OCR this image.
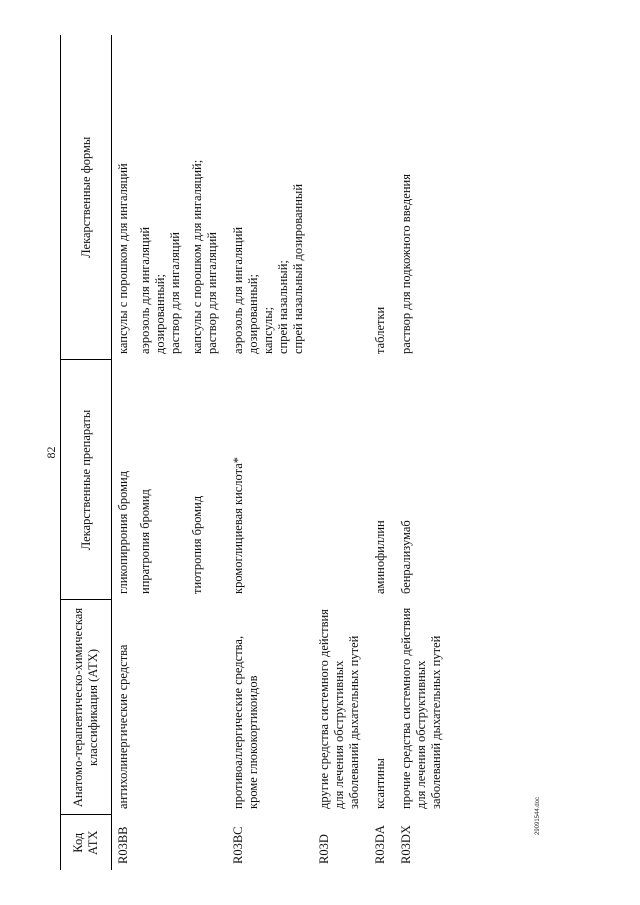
82
Код АТХ	Анатомо-терапевтическо-химическая классификация (АТХ)	Лекарственные препараты	Лекарственные формы
R03BB	антихолинергические средства	гликопиррония бромид	капсулы с порошком для ингаляций

		ипратропия бромид	аэрозоль для ингаляций дозированный; раствор для ингаляций

		тиотропия бромид	капсулы с порошком для ингаляций; раствор для ингаляций

R03BC	противоаллергические средства, кроме глюкокортикоидов	кромоглициевая кислота*	аэрозоль для ингаляций дозированный; капсулы; спрей назальный; спрей назальный дозированный

R03D	другие средства системного действия для лечения обструктивных заболеваний дыхательных путей		
R03DA	ксантины	аминофиллин	таблетки

R03DX	прочие средства системного действия для лечения обструктивных заболеваний дыхательных путей	бенрализумаб	раствор для подкожного введения
29091544.doc
